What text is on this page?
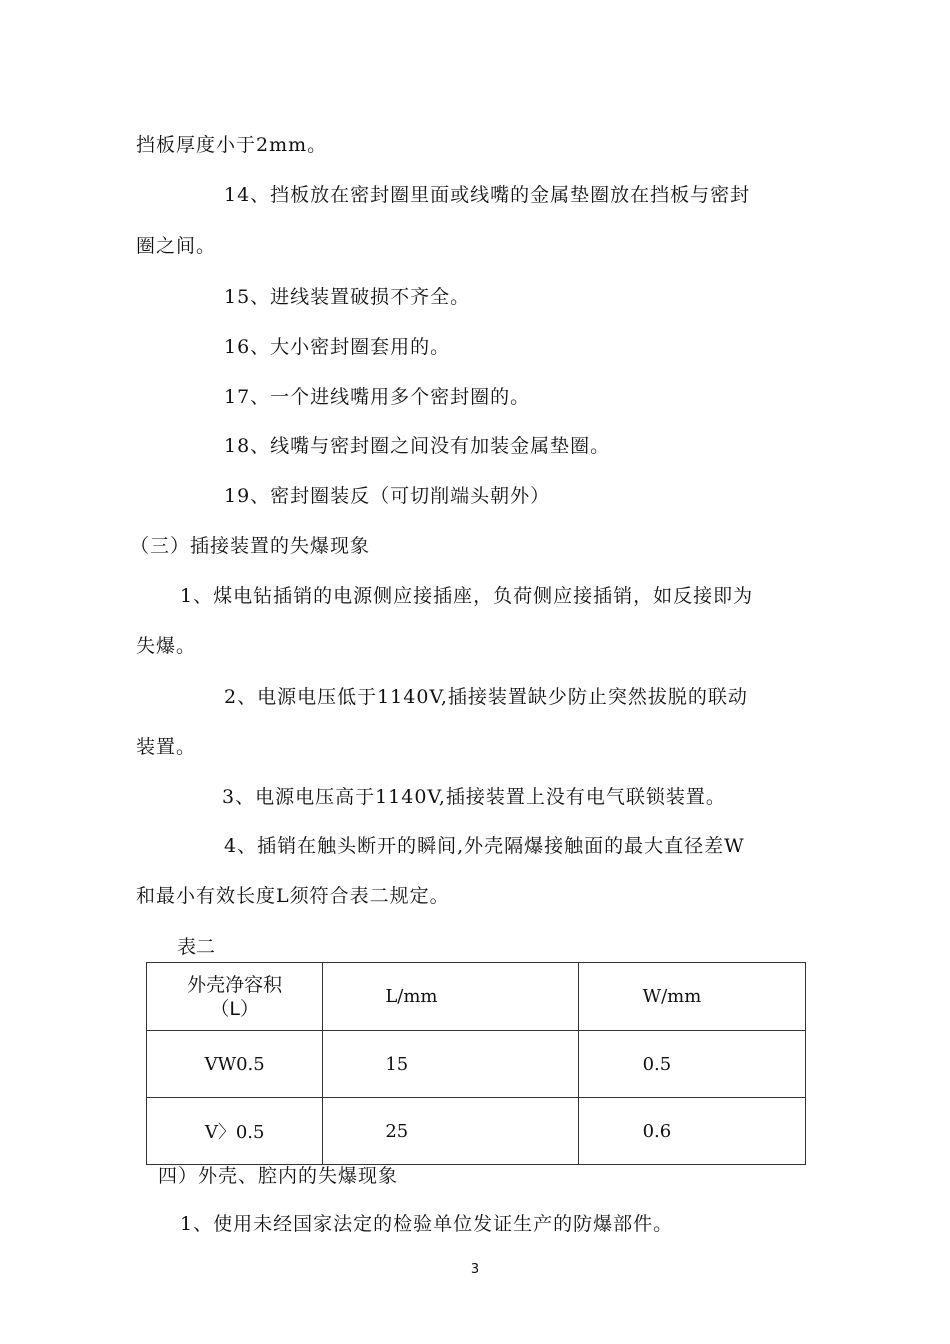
挡板厚度小于2mm。
14、挡板放在密封圈里面或线嘴的金属垫圈放在挡板与密封
圈之间。
15、进线装置破损不齐全。
16、大小密封圈套用的。
17、一个进线嘴用多个密封圈的。
18、线嘴与密封圈之间没有加装金属垫圈。
19、密封圈装反（可切削端头朝外）
（三）插接装置的失爆现象
1、煤电钻插销的电源侧应接插座，负荷侧应接插销，如反接即为
失爆。
2、电源电压低于1140V,插接装置缺少防止突然拔脱的联动
装置。
3、电源电压高于1140V,插接装置上没有电气联锁装置。
4、插销在触头断开的瞬间,外壳隔爆接触面的最大直径差W
和最小有效长度L须符合表二规定。
表二
外壳净容积
（L）	L/mm	W/mm
VW0.5	15	0.5
V〉0.5	25	0.6
四）外壳、腔内的失爆现象
1、使用未经国家法定的检验单位发证生产的防爆部件。
3
